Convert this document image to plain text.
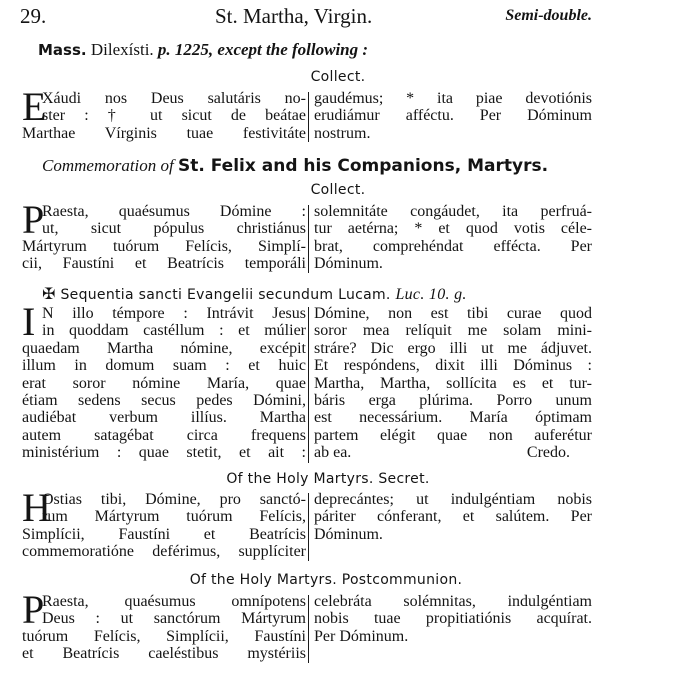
29.	St. Martha, Virgin.	Semi-double.
Mass. Dilexísti. p. 1225, except the following :
Collect.
E
Xáudi nos Deus salutáris no-
ster : † ut sicut de beátae
Marthae Vírginis tuae festivitáte
gaudémus; * ita piae devotiónis
erudiámur afféctu. Per Dóminum
nostrum.
Commemoration of St. Felix and his Companions, Martyrs.
Collect.
P
Raesta, quaésumus Dómine :
ut, sicut pópulus christiánus
Mártyrum tuórum Felícis, Simplí-
cii, Faustíni et Beatrícis temporáli
solemnitáte congáudet, ita perfruá-
tur aetérna; * et quod votis céle-
brat, comprehéndat effécta. Per
Dóminum.
✠ Sequentia sancti Evangelii secundum Lucam. Luc. 10. g.
I N illo témpore : Intrávit Jesus
in quoddam castéllum : et múlier
quaedam Martha nómine, excépit
illum in domum suam : et huic
erat soror nómine María, quae
étiam sedens secus pedes Dómini,
audiébat verbum illíus. Martha
autem satagébat circa frequens
ministérium : quae stetit, et ait :
Dómine, non est tibi curae quod
soror mea relíquit me solam mini-
stráre? Dic ergo illi ut me ádjuvet.
Et respóndens, dixit illi Dóminus :
Martha, Martha, sollícita es et tur-
báris erga plúrima. Porro unum
est necessárium. María óptimam
partem elégit quae non auferétur
ab ea.	Credo.
Of the Holy Martyrs. Secret.
H
Ostias tibi, Dómine, pro sanctó-
rum Mártyrum tuórum Felícis,
Simplícii, Faustíni et Beatrícis
commemoratióne deférimus, supplíciter
deprecántes; ut indulgéntiam nobis
páriter cónferant, et salútem. Per
Dóminum.
Of the Holy Martyrs. Postcommunion.
P
Raesta, quaésumus omnípotens
Deus : ut sanctórum Mártyrum
tuórum Felícis, Simplícii, Faustíni
et Beatrícis caeléstibus mystériis
celebráta solémnitas, indulgéntiam
nobis tuae propitiatiónis acquírat.
Per Dóminum.
